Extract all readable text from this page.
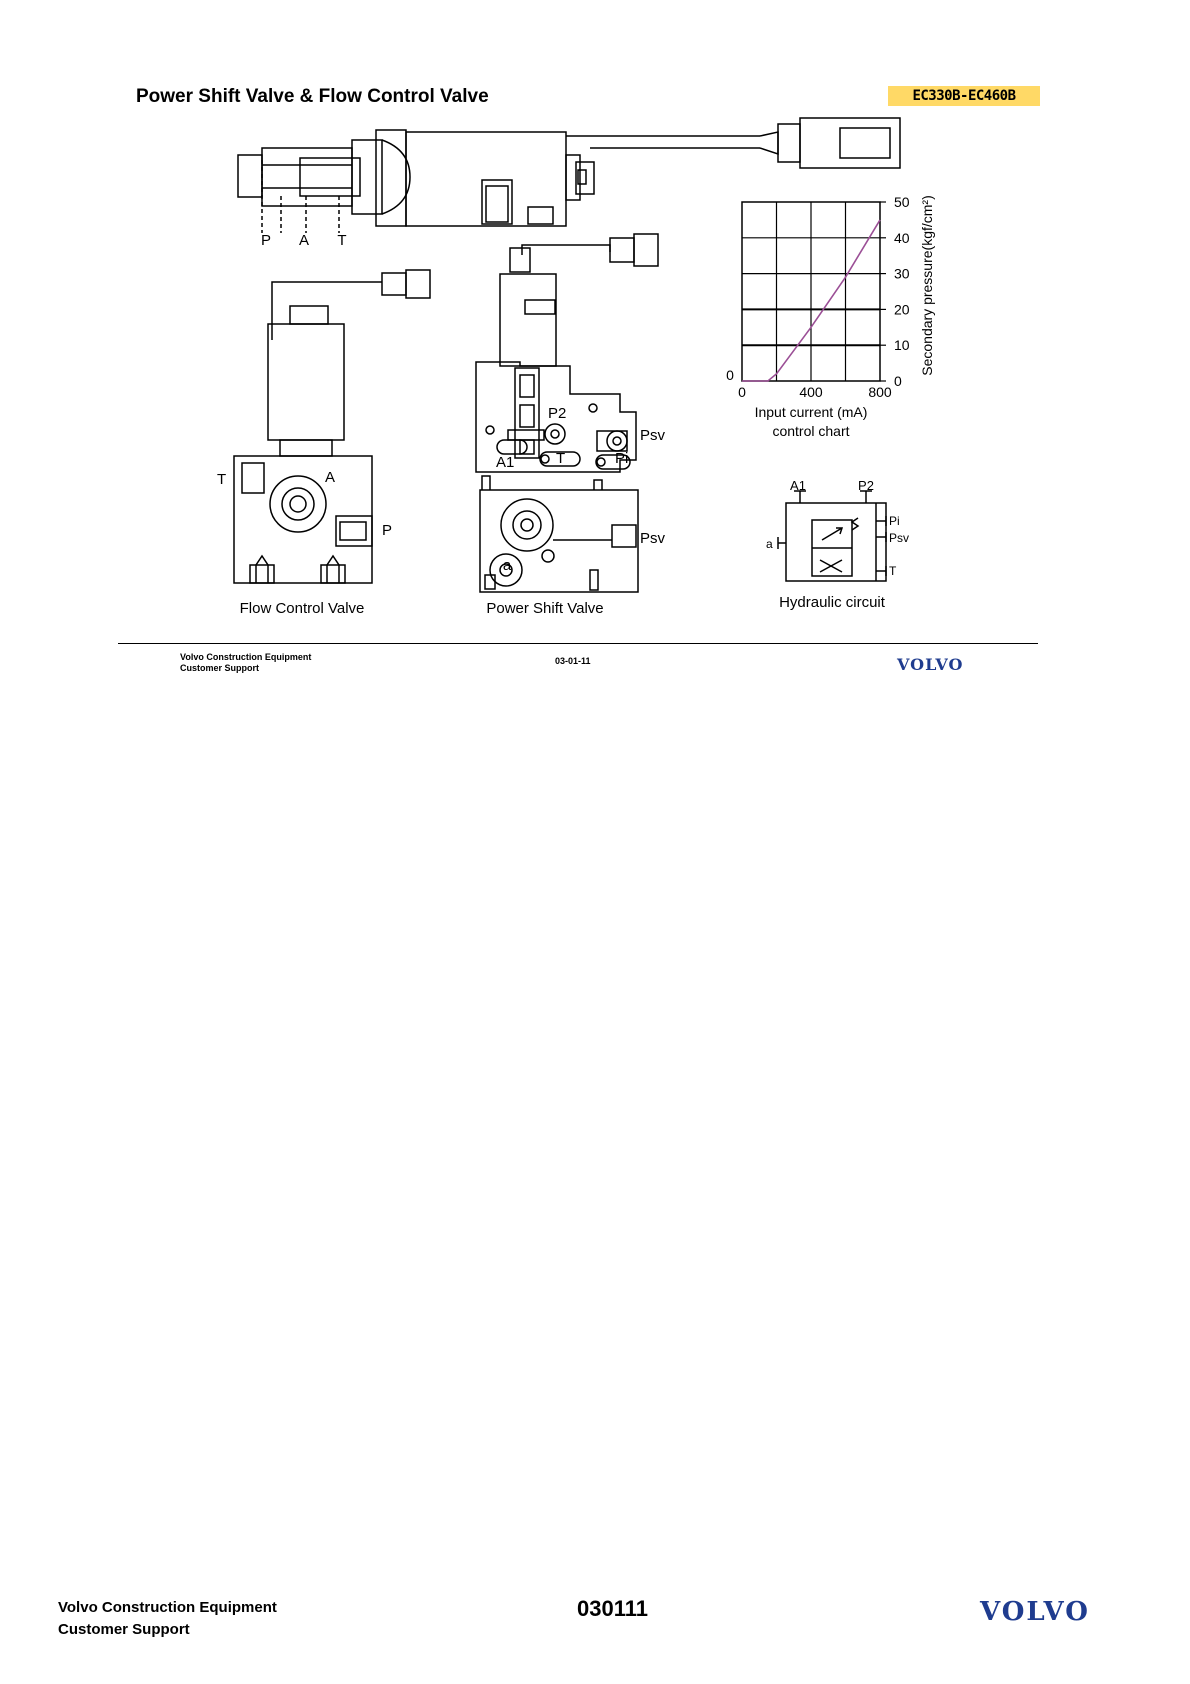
Power Shift Valve & Flow Control Valve	EC330B-EC460B
0
10
20
30
40
50
0	400	800
0
Input current (mA)
control chart
Secondary pressure(kgf/cm²)
P A T
T	A
P
P2
Psv
A1	T	Pi
Psv
a
A1	P2
Pi
Psv
a
T
Flow Control Valve	Power Shift Valve	Hydraulic circuit
Volvo Construction Equipment
Customer Support
03-01-11	VOLVO
Volvo Construction Equipment
Customer Support
030111	VOLVO
